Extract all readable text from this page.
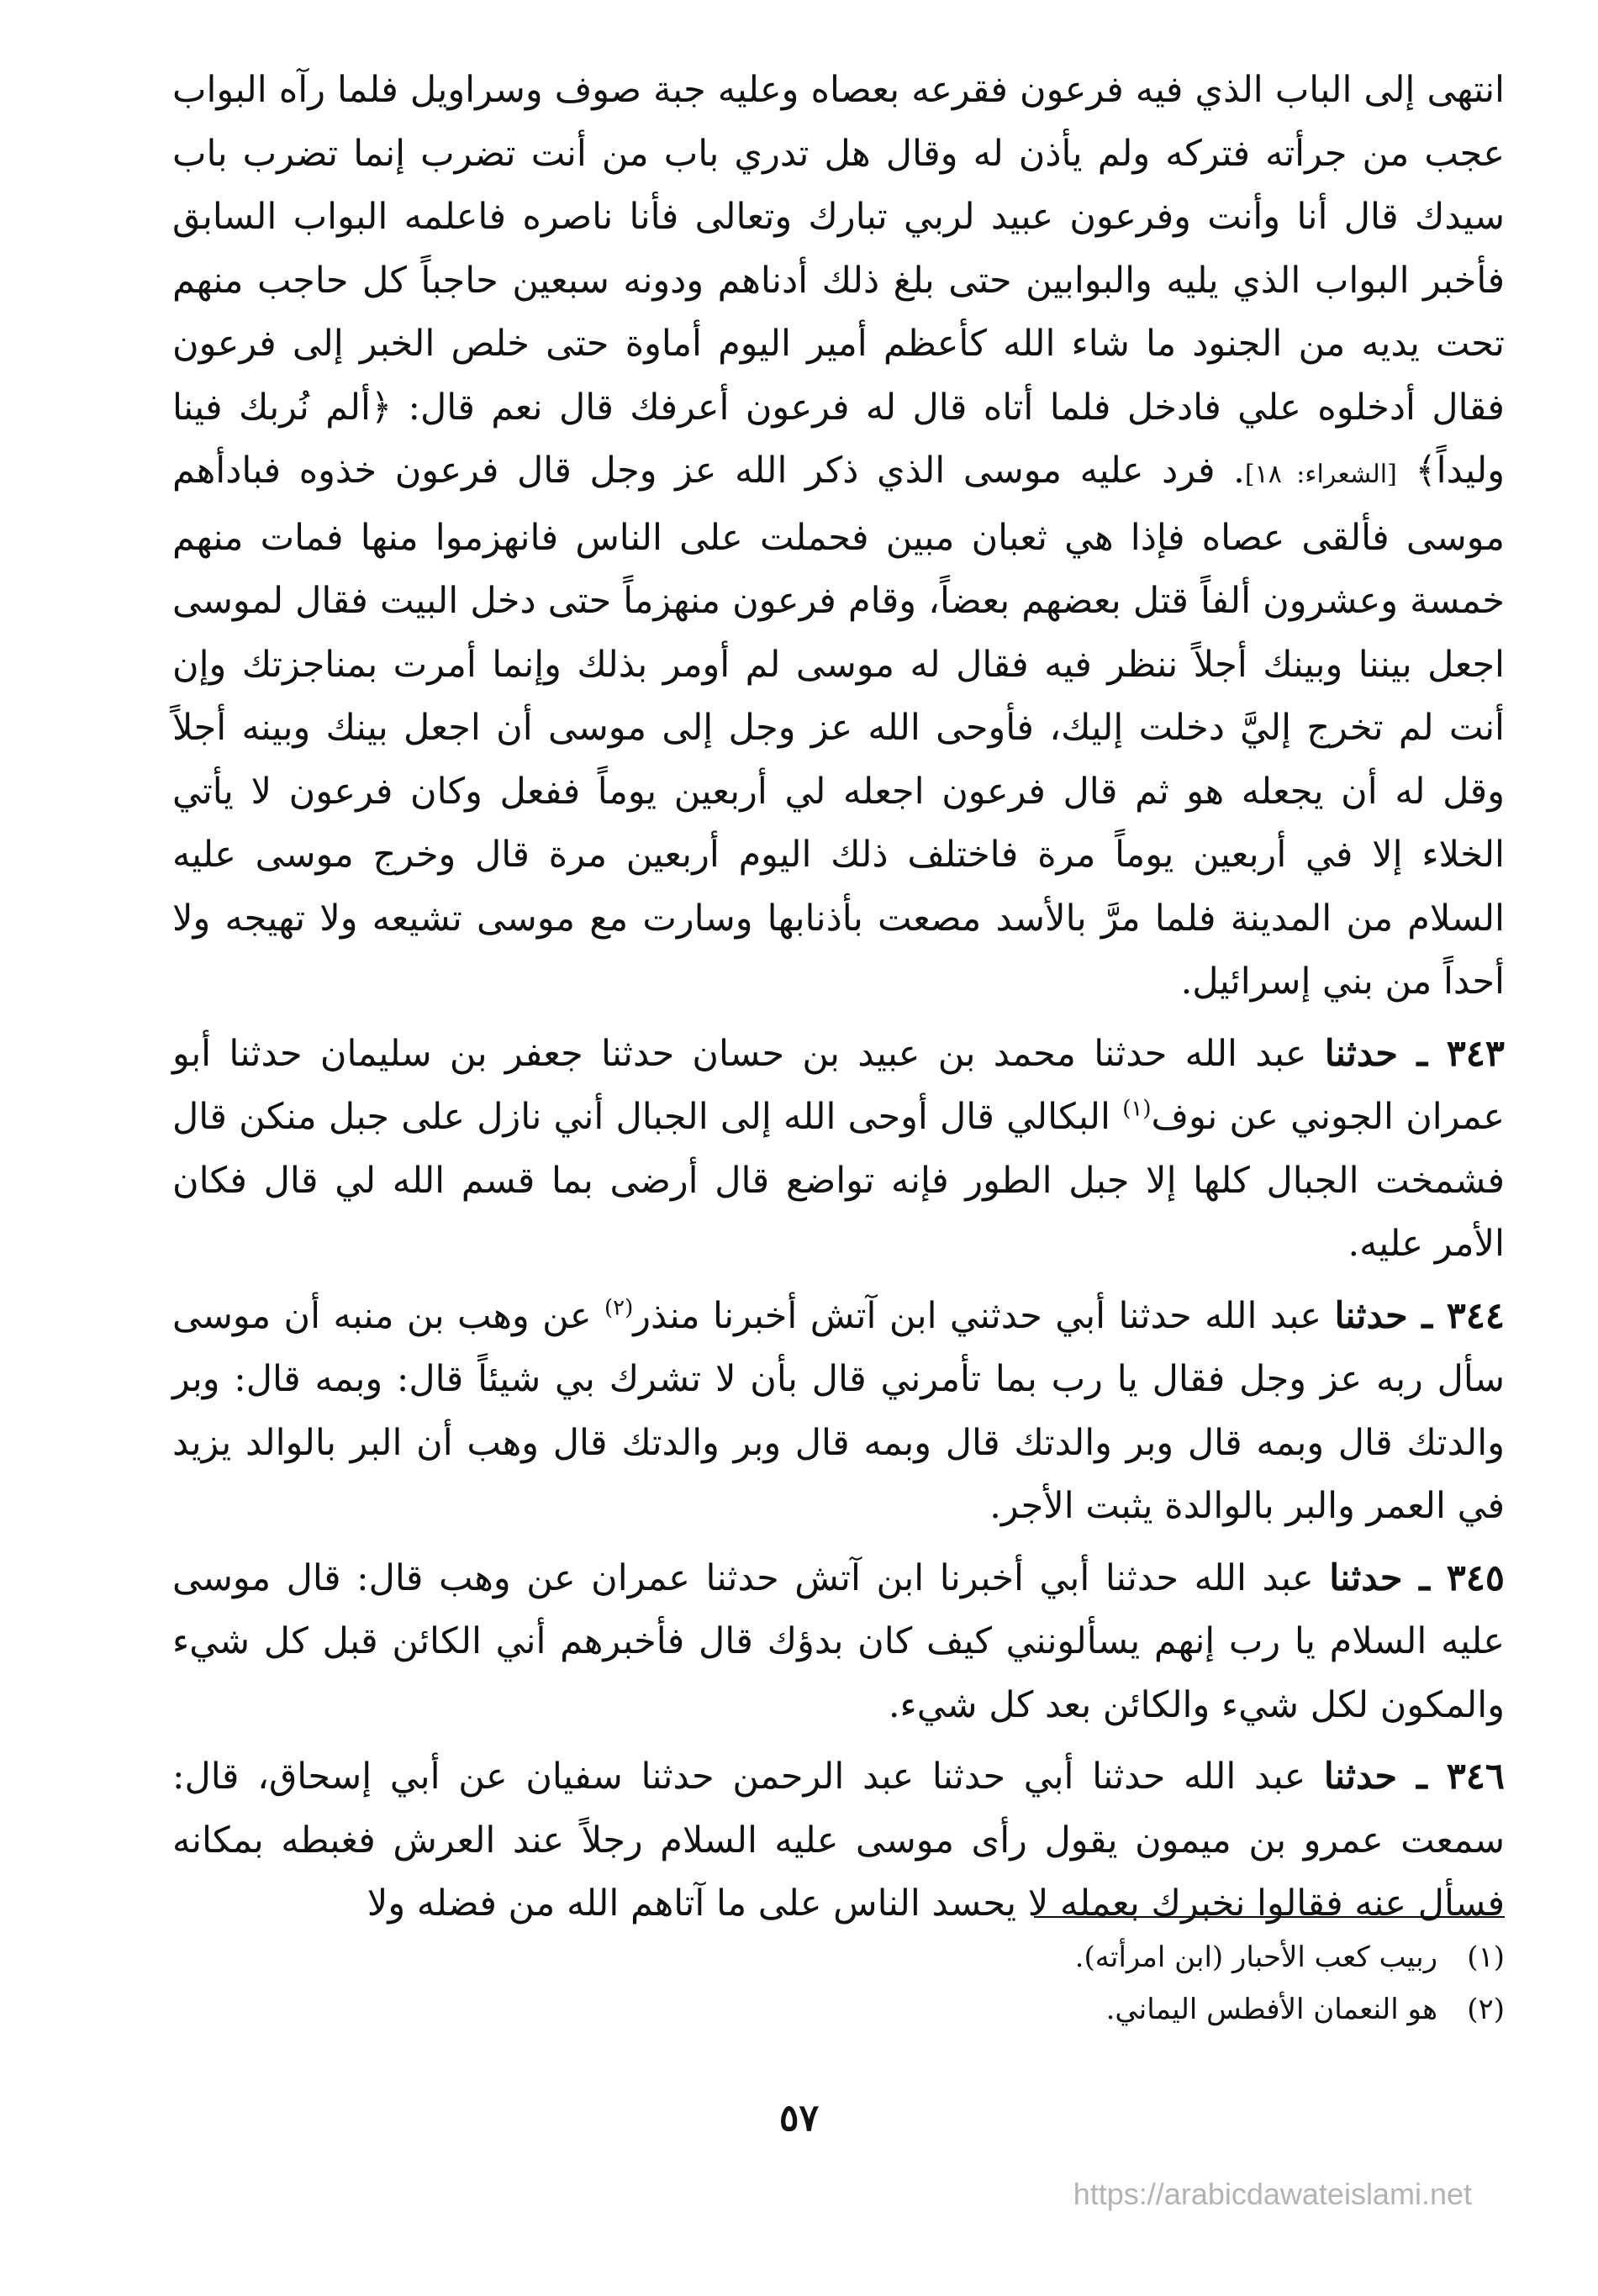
انتهى إلى الباب الذي فيه فرعون فقرعه بعصاه وعليه جبة صوف وسراويل فلما رآه البواب عجب من جرأته فتركه ولم يأذن له وقال هل تدري باب من أنت تضرب إنما تضرب باب سيدك قال أنا وأنت وفرعون عبيد لربي تبارك وتعالى فأنا ناصره فاعلمه البواب السابق فأخبر البواب الذي يليه والبوابين حتى بلغ ذلك أدناهم ودونه سبعين حاجباً كل حاجب منهم تحت يديه من الجنود ما شاء الله كأعظم أمير اليوم أماوة حتى خلص الخبر إلى فرعون فقال أدخلوه علي فادخل فلما أتاه قال له فرعون أعرفك قال نعم قال: ﴿ألم نُربك فينا وليداً﴾ [الشعراء: ١٨]. فرد عليه موسى الذي ذكر الله عز وجل قال فرعون خذوه فبادأهم موسى فألقى عصاه فإذا هي ثعبان مبين فحملت على الناس فانهزموا منها فمات منهم خمسة وعشرون ألفاً قتل بعضهم بعضاً، وقام فرعون منهزماً حتى دخل البيت فقال لموسى اجعل بيننا وبينك أجلاً ننظر فيه فقال له موسى لم أومر بذلك وإنما أمرت بمناجزتك وإن أنت لم تخرج إليَّ دخلت إليك، فأوحى الله عز وجل إلى موسى أن اجعل بينك وبينه أجلاً وقل له أن يجعله هو ثم قال فرعون اجعله لي أربعين يوماً ففعل وكان فرعون لا يأتي الخلاء إلا في أربعين يوماً مرة فاختلف ذلك اليوم أربعين مرة قال وخرج موسى عليه السلام من المدينة فلما مرَّ بالأسد مصعت بأذنابها وسارت مع موسى تشيعه ولا تهيجه ولا أحداً من بني إسرائيل.

٣٤٣ ـ حدثنا عبد الله حدثنا محمد بن عبيد بن حسان حدثنا جعفر بن سليمان حدثنا أبو عمران الجوني عن نوف$^{(١)}$ البكالي قال أوحى الله إلى الجبال أني نازل على جبل منكن قال فشمخت الجبال كلها إلا جبل الطور فإنه تواضع قال أرضى بما قسم الله لي قال فكان الأمر عليه.

٣٤٤ ـ حدثنا عبد الله حدثنا أبي حدثني ابن آتش أخبرنا منذر$^{(٢)}$ عن وهب بن منبه أن موسى سأل ربه عز وجل فقال يا رب بما تأمرني قال بأن لا تشرك بي شيئاً قال: وبمه قال: وبر والدتك قال وبمه قال وبر والدتك قال وبمه قال وبر والدتك قال وهب أن البر بالوالد يزيد في العمر والبر بالوالدة يثبت الأجر.

٣٤٥ ـ حدثنا عبد الله حدثنا أبي أخبرنا ابن آتش حدثنا عمران عن وهب قال: قال موسى عليه السلام يا رب إنهم يسألونني كيف كان بدؤك قال فأخبرهم أني الكائن قبل كل شيء والمكون لكل شيء والكائن بعد كل شيء.

٣٤٦ ـ حدثنا عبد الله حدثنا أبي حدثنا عبد الرحمن حدثنا سفيان عن أبي إسحاق، قال: سمعت عمرو بن ميمون يقول رأى موسى عليه السلام رجلاً عند العرش فغبطه بمكانه فسأل عنه فقالوا نخبرك بعمله لا يحسد الناس على ما آتاهم الله من فضله ولا

(١)ربيب كعب الأحبار (ابن امرأته).

(٢)هو النعمان الأفطس اليماني.

٥٧
https://arabicdawateislami.net
